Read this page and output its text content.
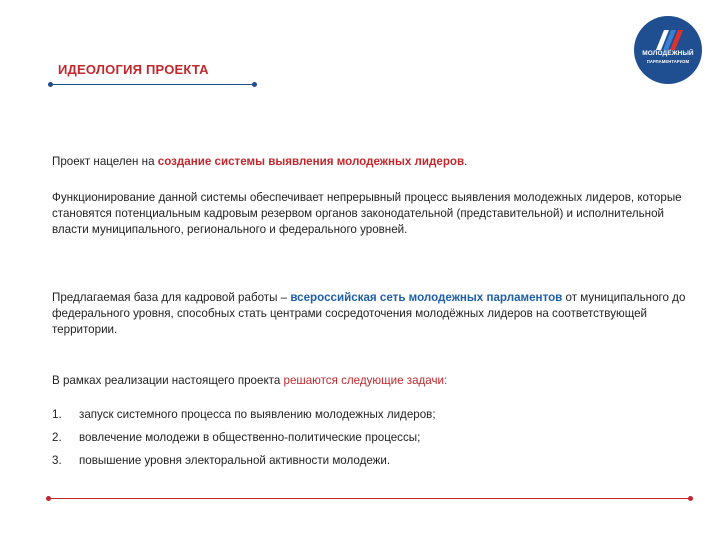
ИДЕОЛОГИЯ ПРОЕКТА
МОЛОДЁЖНЫЙ
ПАРЛАМЕНТАРИЗМ

Проект нацелен на создание системы выявления молодежных лидеров.

Функционирование данной системы обеспечивает непрерывный процесс выявления молодежных лидеров, которые становятся потенциальным кадровым резервом органов законодательной (представительной) и исполнительной власти муниципального, регионального и федерального уровней.

Предлагаемая база для кадровой работы – всероссийская сеть молодежных парламентов от муниципального до федерального уровня, способных стать центрами сосредоточения молодёжных лидеров на соответствующей территории.

В рамках реализации настоящего проекта решаются следующие задачи:

1. запуск системного процесса по выявлению молодежных лидеров;
2. вовлечение молодежи в общественно-политические процессы;
3. повышение уровня электоральной активности молодежи.
